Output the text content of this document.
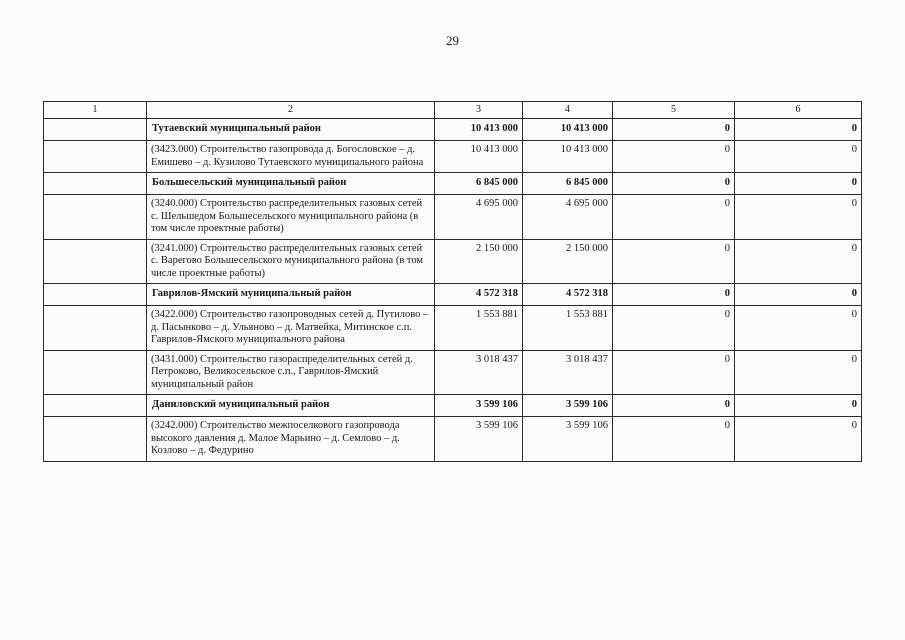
29
1	2	3	4	5	6
	Тутаевский муниципальный район	10 413 000	10 413 000	0	0
	(3423.000) Строительство газопровода д. Богословское – д. Емишево – д. Кузилово Тутаевского муниципального района	10 413 000	10 413 000	0	0
	Большесельский муниципальный район	6 845 000	6 845 000	0	0
	(3240.000) Строительство распределительных газовых сетей с. Шельшедом Большесельского муниципального района (в том числе проектные работы)	4 695 000	4 695 000	0	0
	(3241.000) Строительство распределительных газовых сетей с. Варегово Большесельского муниципального района (в том числе проектные работы)	2 150 000	2 150 000	0	0
	Гаврилов-Ямский муниципальный район	4 572 318	4 572 318	0	0
	(3422.000) Строительство газопроводных сетей д. Путилово – д. Пасынково – д. Ульяново – д. Матвейка, Митинское с.п. Гаврилов-Ямского муниципального района	1 553 881	1 553 881	0	0
	(3431.000) Строительство газораспределительных сетей д. Петроково, Великосельское с.п., Гаврилов-Ямский муниципальный район	3 018 437	3 018 437	0	0
	Даниловский муниципальный район	3 599 106	3 599 106	0	0
	(3242.000) Строительство межпоселкового газопровода высокого давления д. Малое Марьино – д. Семлово – д. Козлово – д. Федурино	3 599 106	3 599 106	0	0
